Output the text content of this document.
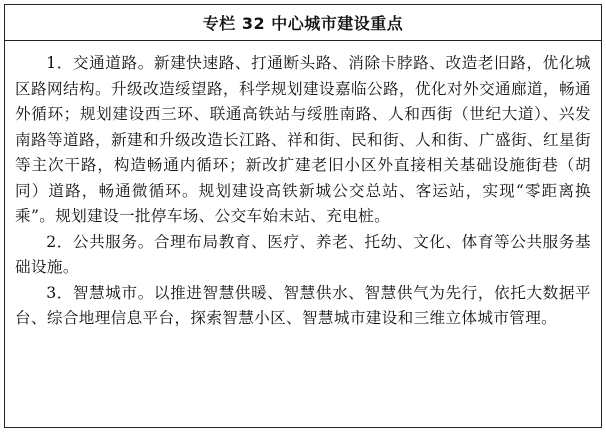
专栏 32 中心城市建设重点

1．交通道路。新建快速路、打通断头路、消除卡脖路、改造老旧路，优化城区路网结构。升级改造绥望路，科学规划建设嘉临公路，优化对外交通廊道，畅通外循环；规划建设西三环、联通高铁站与绥胜南路、人和西街（世纪大道）、兴发南路等道路，新建和升级改造长江路、祥和街、民和街、人和街、广盛街、红星街等主次干路，构造畅通内循环；新改扩建老旧小区外直接相关基础设施街巷（胡同）道路，畅通微循环。规划建设高铁新城公交总站、客运站，实现“零距离换乘”。规划建设一批停车场、公交车始末站、充电桩。

2．公共服务。合理布局教育、医疗、养老、托幼、文化、体育等公共服务基础设施。

3．智慧城市。以推进智慧供暖、智慧供水、智慧供气为先行，依托大数据平台、综合地理信息平台，探索智慧小区、智慧城市建设和三维立体城市管理。
